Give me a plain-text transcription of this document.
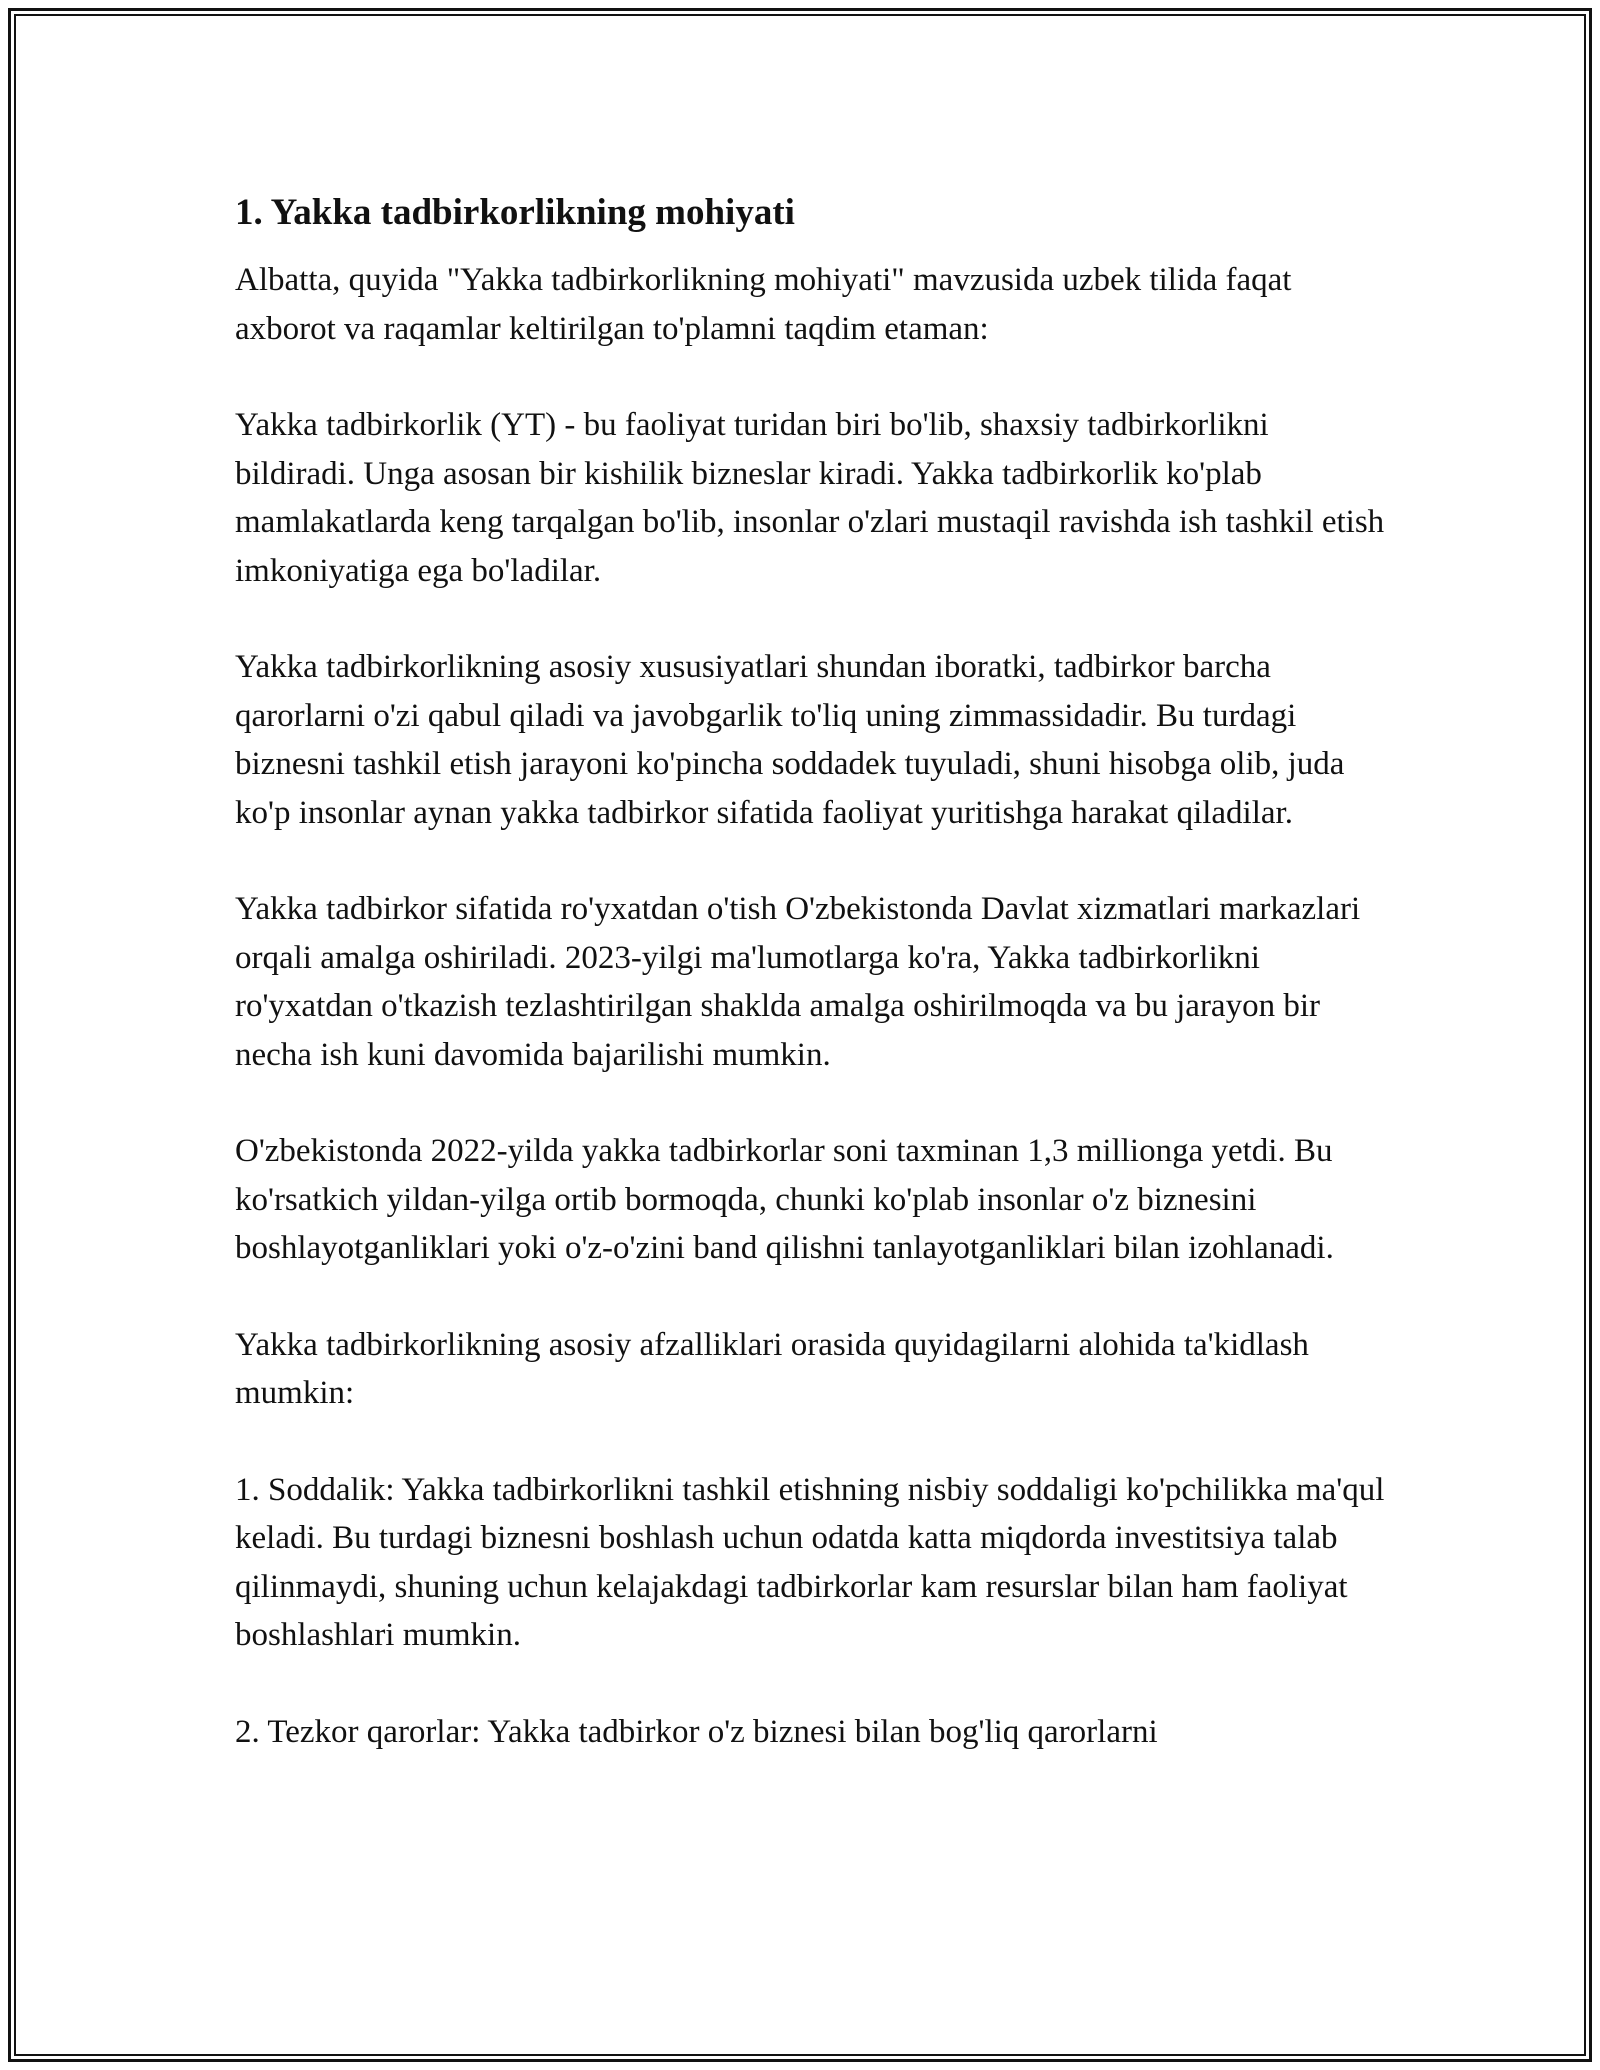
1. Yakka tadbirkorlikning mohiyati

Albatta, quyida "Yakka tadbirkorlikning mohiyati" mavzusida uzbek tilida faqat axborot va raqamlar keltirilgan to'plamni taqdim etaman:

Yakka tadbirkorlik (YT) - bu faoliyat turidan biri bo'lib, shaxsiy tadbirkorlikni bildiradi. Unga asosan bir kishilik bizneslar kiradi. Yakka tadbirkorlik ko'plab mamlakatlarda keng tarqalgan bo'lib, insonlar o'zlari mustaqil ravishda ish tashkil etish imkoniyatiga ega bo'ladilar.

Yakka tadbirkorlikning asosiy xususiyatlari shundan iboratki, tadbirkor barcha qarorlarni o'zi qabul qiladi va javobgarlik to'liq uning zimmassidadir. Bu turdagi biznesni tashkil etish jarayoni ko'pincha soddadek tuyuladi, shuni hisobga olib, juda ko'p insonlar aynan yakka tadbirkor sifatida faoliyat yuritishga harakat qiladilar.

Yakka tadbirkor sifatida ro'yxatdan o'tish O'zbekistonda Davlat xizmatlari markazlari orqali amalga oshiriladi. 2023-yilgi ma'lumotlarga ko'ra, Yakka tadbirkorlikni ro'yxatdan o'tkazish tezlashtirilgan shaklda amalga oshirilmoqda va bu jarayon bir necha ish kuni davomida bajarilishi mumkin.

O'zbekistonda 2022-yilda yakka tadbirkorlar soni taxminan 1,3 millionga yetdi. Bu ko'rsatkich yildan-yilga ortib bormoqda, chunki ko'plab insonlar o'z biznesini boshlayotganliklari yoki o'z-o'zini band qilishni tanlayotganliklari bilan izohlanadi.

Yakka tadbirkorlikning asosiy afzalliklari orasida quyidagilarni alohida ta'kidlash mumkin:

1. Soddalik: Yakka tadbirkorlikni tashkil etishning nisbiy soddaligi ko'pchilikka ma'qul keladi. Bu turdagi biznesni boshlash uchun odatda katta miqdorda investitsiya talab qilinmaydi, shuning uchun kelajakdagi tadbirkorlar kam resurslar bilan ham faoliyat boshlashlari mumkin.

2. Tezkor qarorlar: Yakka tadbirkor o'z biznesi bilan bog'liq qarorlarni
